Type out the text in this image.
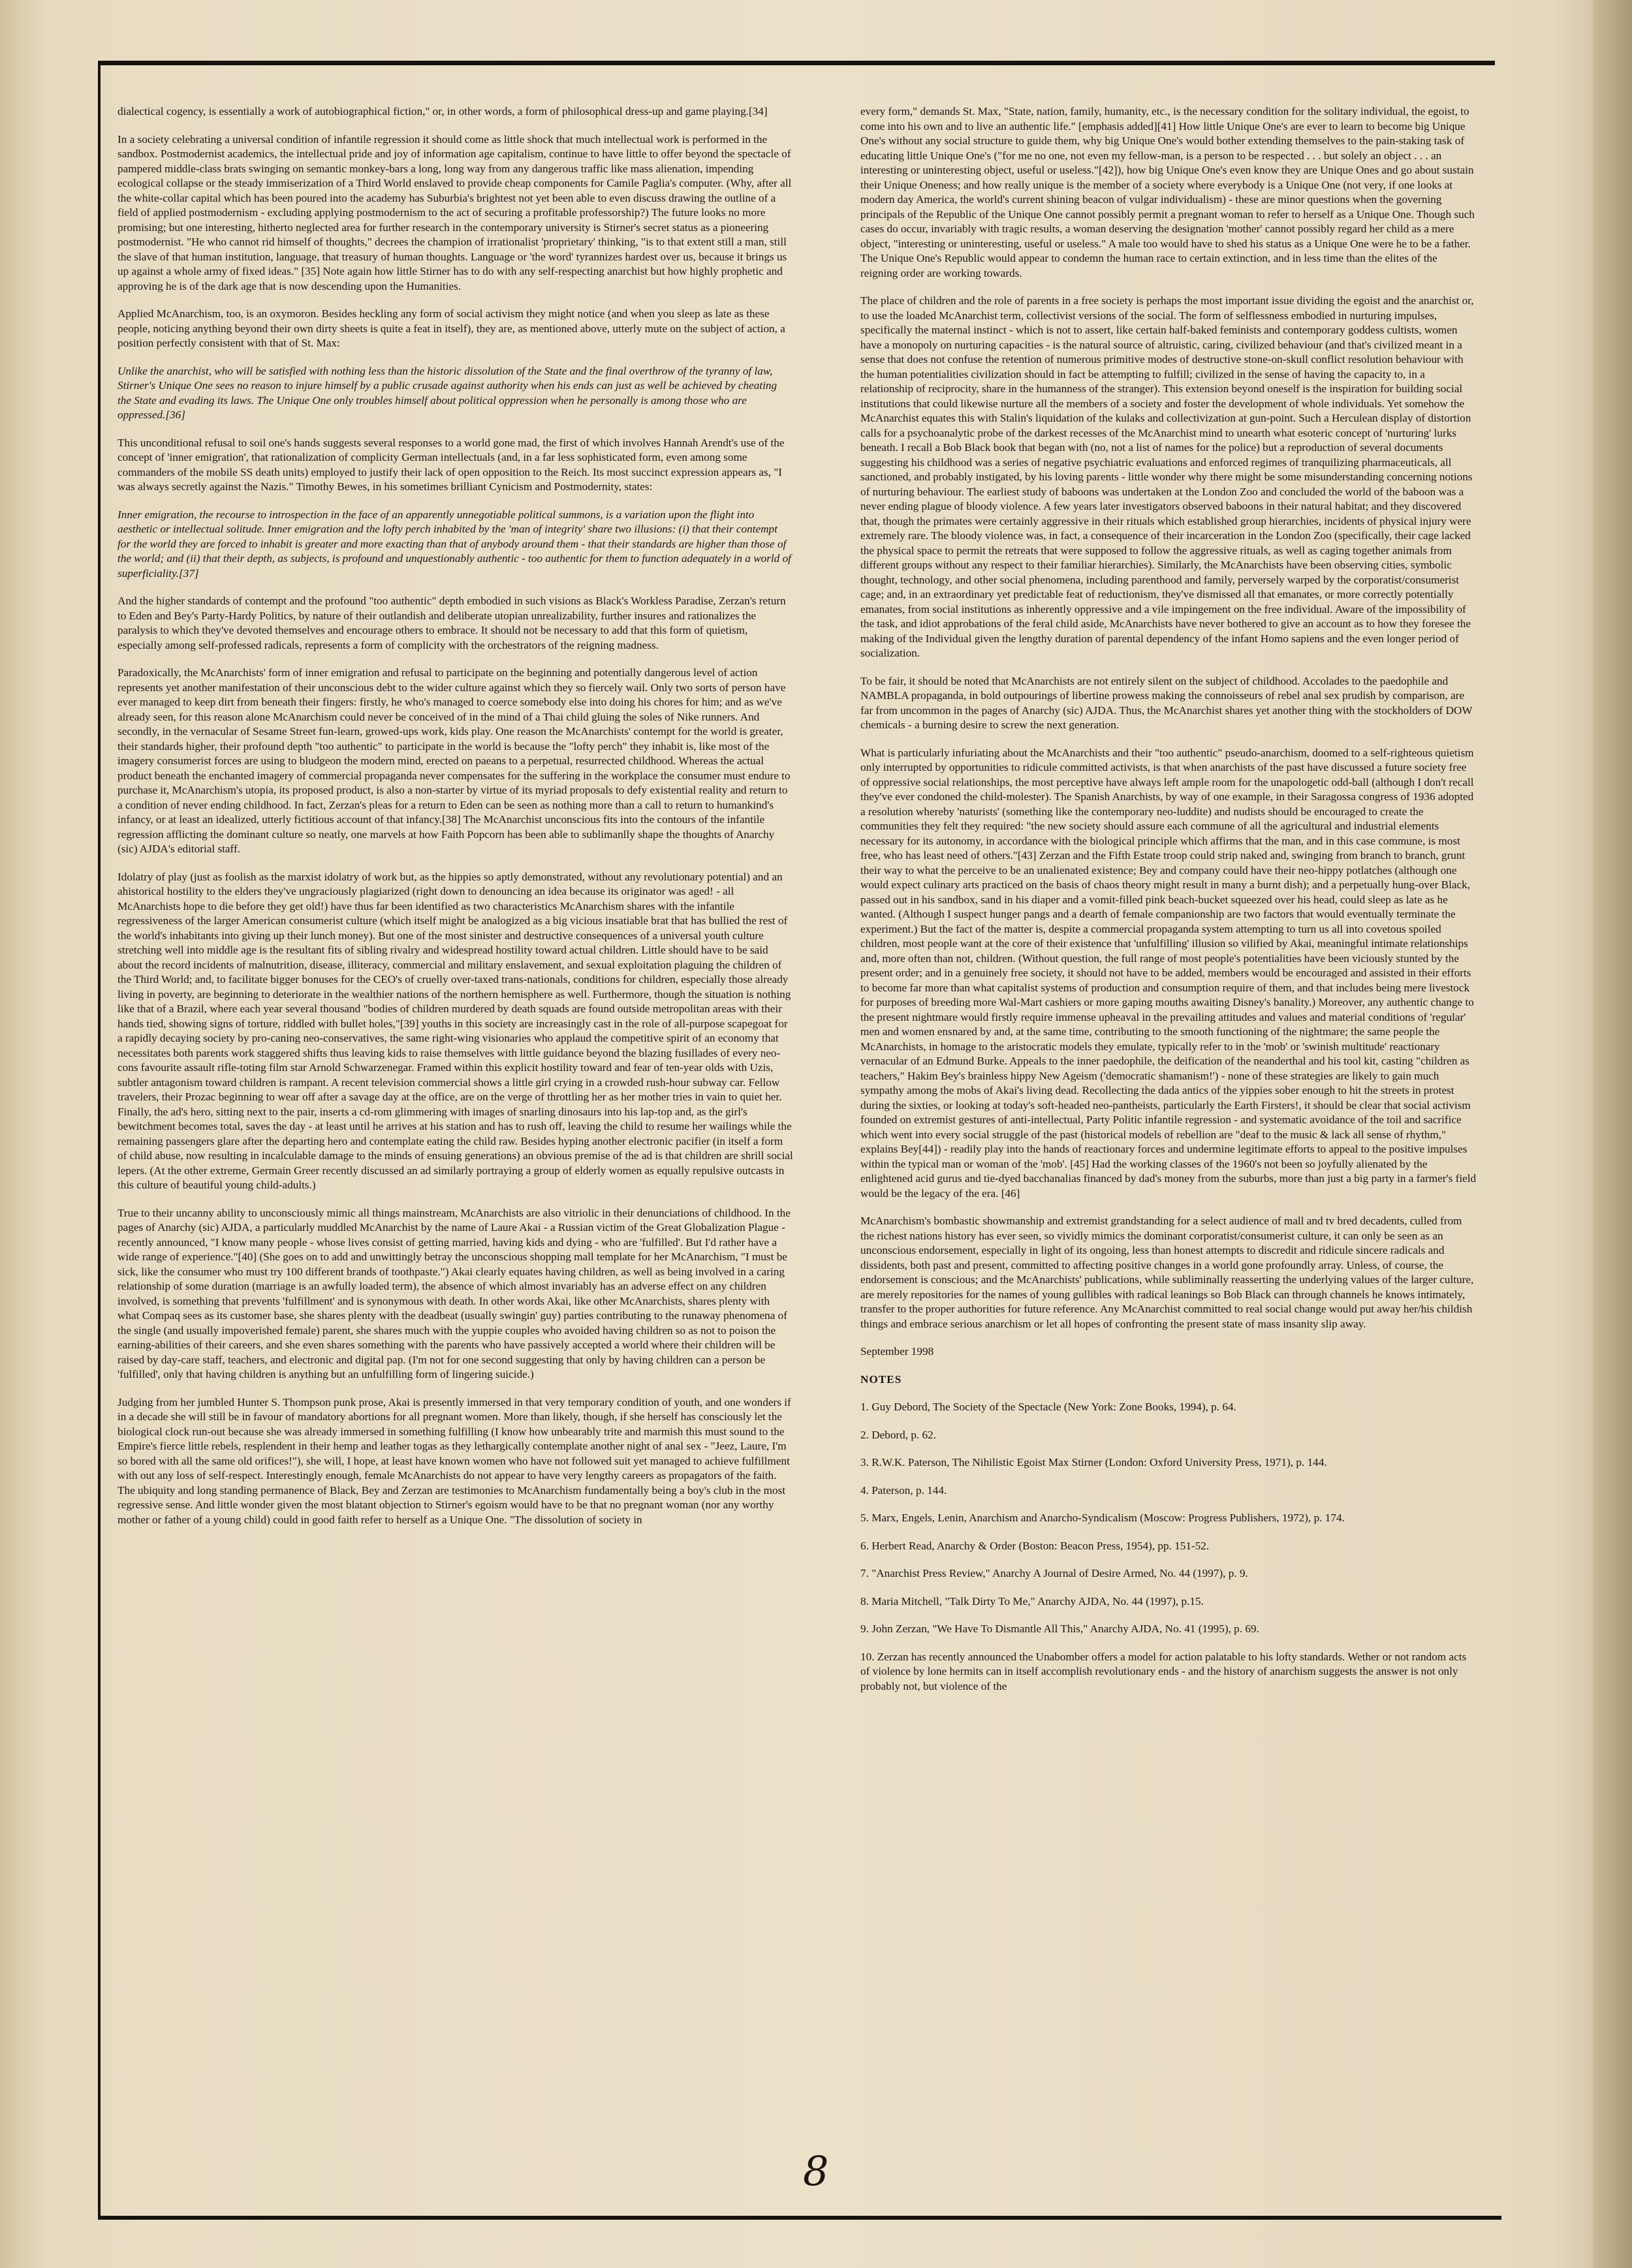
dialectical cogency, is essentially a work of autobiographical fiction," or, in other words, a form of philosophical dress-up and game playing.[34]

In a society celebrating a universal condition of infantile regression it should come as little shock that much intellectual work is performed in the sandbox. Postmodernist academics, the intellectual pride and joy of information age capitalism, continue to have little to offer beyond the spectacle of pampered middle-class brats swinging on semantic monkey-bars a long, long way from any dangerous traffic like mass alienation, impending ecological collapse or the steady immiserization of a Third World enslaved to provide cheap components for Camile Paglia's computer. (Why, after all the white-collar capital which has been poured into the academy has Suburbia's brightest not yet been able to even discuss drawing the outline of a field of applied postmodernism - excluding applying postmodernism to the act of securing a profitable professorship?) The future looks no more promising; but one interesting, hitherto neglected area for further research in the contemporary university is Stirner's secret status as a pioneering postmodernist. "He who cannot rid himself of thoughts," decrees the champion of irrationalist 'proprietary' thinking, "is to that extent still a man, still the slave of that human institution, language, that treasury of human thoughts. Language or 'the word' tyrannizes hardest over us, because it brings us up against a whole army of fixed ideas." [35] Note again how little Stirner has to do with any self-respecting anarchist but how highly prophetic and approving he is of the dark age that is now descending upon the Humanities.

Applied McAnarchism, too, is an oxymoron. Besides heckling any form of social activism they might notice (and when you sleep as late as these people, noticing anything beyond their own dirty sheets is quite a feat in itself), they are, as mentioned above, utterly mute on the subject of action, a position perfectly consistent with that of St. Max:

Unlike the anarchist, who will be satisfied with nothing less than the historic dissolution of the State and the final overthrow of the tyranny of law, Stirner's Unique One sees no reason to injure himself by a public crusade against authority when his ends can just as well be achieved by cheating the State and evading its laws. The Unique One only troubles himself about political oppression when he personally is among those who are oppressed.[36]

This unconditional refusal to soil one's hands suggests several responses to a world gone mad, the first of which involves Hannah Arendt's use of the concept of 'inner emigration', that rationalization of complicity German intellectuals (and, in a far less sophisticated form, even among some commanders of the mobile SS death units) employed to justify their lack of open opposition to the Reich. Its most succinct expression appears as, "I was always secretly against the Nazis." Timothy Bewes, in his sometimes brilliant Cynicism and Postmodernity, states:

Inner emigration, the recourse to introspection in the face of an apparently unnegotiable political summons, is a variation upon the flight into aesthetic or intellectual solitude. Inner emigration and the lofty perch inhabited by the 'man of integrity' share two illusions: (i) that their contempt for the world they are forced to inhabit is greater and more exacting than that of anybody around them - that their standards are higher than those of the world; and (ii) that their depth, as subjects, is profound and unquestionably authentic - too authentic for them to function adequately in a world of superficiality.[37]

And the higher standards of contempt and the profound "too authentic" depth embodied in such visions as Black's Workless Paradise, Zerzan's return to Eden and Bey's Party-Hardy Politics, by nature of their outlandish and deliberate utopian unrealizability, further insures and rationalizes the paralysis to which they've devoted themselves and encourage others to embrace. It should not be necessary to add that this form of quietism, especially among self-professed radicals, represents a form of complicity with the orchestrators of the reigning madness.

Paradoxically, the McAnarchists' form of inner emigration and refusal to participate on the beginning and potentially dangerous level of action represents yet another manifestation of their unconscious debt to the wider culture against which they so fiercely wail. Only two sorts of person have ever managed to keep dirt from beneath their fingers: firstly, he who's managed to coerce somebody else into doing his chores for him; and as we've already seen, for this reason alone McAnarchism could never be conceived of in the mind of a Thai child gluing the soles of Nike runners. And secondly, in the vernacular of Sesame Street fun-learn, growed-ups work, kids play. One reason the McAnarchists' contempt for the world is greater, their standards higher, their profound depth "too authentic" to participate in the world is because the "lofty perch" they inhabit is, like most of the imagery consumerist forces are using to bludgeon the modern mind, erected on paeans to a perpetual, resurrected childhood. Whereas the actual product beneath the enchanted imagery of commercial propaganda never compensates for the suffering in the workplace the consumer must endure to purchase it, McAnarchism's utopia, its proposed product, is also a non-starter by virtue of its myriad proposals to defy existential reality and return to a condition of never ending childhood. In fact, Zerzan's pleas for a return to Eden can be seen as nothing more than a call to return to humankind's infancy, or at least an idealized, utterly fictitious account of that infancy.[38] The McAnarchist unconscious fits into the contours of the infantile regression afflicting the dominant culture so neatly, one marvels at how Faith Popcorn has been able to sublimanlly shape the thoughts of Anarchy (sic) AJDA's editorial staff.

Idolatry of play (just as foolish as the marxist idolatry of work but, as the hippies so aptly demonstrated, without any revolutionary potential) and an ahistorical hostility to the elders they've ungraciously plagiarized (right down to denouncing an idea because its originator was aged! - all McAnarchists hope to die before they get old!) have thus far been identified as two characteristics McAnarchism shares with the infantile regressiveness of the larger American consumerist culture (which itself might be analogized as a big vicious insatiable brat that has bullied the rest of the world's inhabitants into giving up their lunch money). But one of the most sinister and destructive consequences of a universal youth culture stretching well into middle age is the resultant fits of sibling rivalry and widespread hostility toward actual children. Little should have to be said about the record incidents of malnutrition, disease, illiteracy, commercial and military enslavement, and sexual exploitation plaguing the children of the Third World; and, to facilitate bigger bonuses for the CEO's of cruelly over-taxed trans-nationals, conditions for children, especially those already living in poverty, are beginning to deteriorate in the wealthier nations of the northern hemisphere as well. Furthermore, though the situation is nothing like that of a Brazil, where each year several thousand "bodies of children murdered by death squads are found outside metropolitan areas with their hands tied, showing signs of torture, riddled with bullet holes,"[39] youths in this society are increasingly cast in the role of all-purpose scapegoat for a rapidly decaying society by pro-caning neo-conservatives, the same right-wing visionaries who applaud the competitive spirit of an economy that necessitates both parents work staggered shifts thus leaving kids to raise themselves with little guidance beyond the blazing fusillades of every neo-cons favourite assault rifle-toting film star Arnold Schwarzenegar. Framed within this explicit hostility toward and fear of ten-year olds with Uzis, subtler antagonism toward children is rampant. A recent television commercial shows a little girl crying in a crowded rush-hour subway car. Fellow travelers, their Prozac beginning to wear off after a savage day at the office, are on the verge of throttling her as her mother tries in vain to quiet her. Finally, the ad's hero, sitting next to the pair, inserts a cd-rom glimmering with images of snarling dinosaurs into his lap-top and, as the girl's bewitchment becomes total, saves the day - at least until he arrives at his station and has to rush off, leaving the child to resume her wailings while the remaining passengers glare after the departing hero and contemplate eating the child raw. Besides hyping another electronic pacifier (in itself a form of child abuse, now resulting in incalculable damage to the minds of ensuing generations) an obvious premise of the ad is that children are shrill social lepers. (At the other extreme, Germain Greer recently discussed an ad similarly portraying a group of elderly women as equally repulsive outcasts in this culture of beautiful young child-adults.)

True to their uncanny ability to unconsciously mimic all things mainstream, McAnarchists are also vitriolic in their denunciations of childhood. In the pages of Anarchy (sic) AJDA, a particularly muddled McAnarchist by the name of Laure Akai - a Russian victim of the Great Globalization Plague - recently announced, "I know many people - whose lives consist of getting married, having kids and dying - who are 'fulfilled'. But I'd rather have a wide range of experience."[40] (She goes on to add and unwittingly betray the unconscious shopping mall template for her McAnarchism, "I must be sick, like the consumer who must try 100 different brands of toothpaste.") Akai clearly equates having children, as well as being involved in a caring relationship of some duration (marriage is an awfully loaded term), the absence of which almost invariably has an adverse effect on any children involved, is something that prevents 'fulfillment' and is synonymous with death. In other words Akai, like other McAnarchists, shares plenty with what Compaq sees as its customer base, she shares plenty with the deadbeat (usually swingin' guy) parties contributing to the runaway phenomena of the single (and usually impoverished female) parent, she shares much with the yuppie couples who avoided having children so as not to poison the earning-abilities of their careers, and she even shares something with the parents who have passively accepted a world where their children will be raised by day-care staff, teachers, and electronic and digital pap. (I'm not for one second suggesting that only by having children can a person be 'fulfilled', only that having children is anything but an unfulfilling form of lingering suicide.)

Judging from her jumbled Hunter S. Thompson punk prose, Akai is presently immersed in that very temporary condition of youth, and one wonders if in a decade she will still be in favour of mandatory abortions for all pregnant women. More than likely, though, if she herself has consciously let the biological clock run-out because she was already immersed in something fulfilling (I know how unbearably trite and marmish this must sound to the Empire's fierce little rebels, resplendent in their hemp and leather togas as they lethargically contemplate another night of anal sex - "Jeez, Laure, I'm so bored with all the same old orifices!"), she will, I hope, at least have known women who have not followed suit yet managed to achieve fulfillment with out any loss of self-respect. Interestingly enough, female McAnarchists do not appear to have very lengthy careers as propagators of the faith. The ubiquity and long standing permanence of Black, Bey and Zerzan are testimonies to McAnarchism fundamentally being a boy's club in the most regressive sense. And little wonder given the most blatant objection to Stirner's egoism would have to be that no pregnant woman (nor any worthy mother or father of a young child) could in good faith refer to herself as a Unique One. "The dissolution of society in

every form," demands St. Max, "State, nation, family, humanity, etc., is the necessary condition for the solitary individual, the egoist, to come into his own and to live an authentic life." [emphasis added][41] How little Unique One's are ever to learn to become big Unique One's without any social structure to guide them, why big Unique One's would bother extending themselves to the pain-staking task of educating little Unique One's ("for me no one, not even my fellow-man, is a person to be respected . . . but solely an object . . . an interesting or uninteresting object, useful or useless."[42]), how big Unique One's even know they are Unique Ones and go about sustain their Unique Oneness; and how really unique is the member of a society where everybody is a Unique One (not very, if one looks at modern day America, the world's current shining beacon of vulgar individualism) - these are minor questions when the governing principals of the Republic of the Unique One cannot possibly permit a pregnant woman to refer to herself as a Unique One. Though such cases do occur, invariably with tragic results, a woman deserving the designation 'mother' cannot possibly regard her child as a mere object, "interesting or uninteresting, useful or useless." A male too would have to shed his status as a Unique One were he to be a father. The Unique One's Republic would appear to condemn the human race to certain extinction, and in less time than the elites of the reigning order are working towards.

The place of children and the role of parents in a free society is perhaps the most important issue dividing the egoist and the anarchist or, to use the loaded McAnarchist term, collectivist versions of the social. The form of selflessness embodied in nurturing impulses, specifically the maternal instinct - which is not to assert, like certain half-baked feminists and contemporary goddess cultists, women have a monopoly on nurturing capacities - is the natural source of altruistic, caring, civilized behaviour (and that's civilized meant in a sense that does not confuse the retention of numerous primitive modes of destructive stone-on-skull conflict resolution behaviour with the human potentialities civilization should in fact be attempting to fulfill; civilized in the sense of having the capacity to, in a relationship of reciprocity, share in the humanness of the stranger). This extension beyond oneself is the inspiration for building social institutions that could likewise nurture all the members of a society and foster the development of whole individuals. Yet somehow the McAnarchist equates this with Stalin's liquidation of the kulaks and collectivization at gun-point. Such a Herculean display of distortion calls for a psychoanalytic probe of the darkest recesses of the McAnarchist mind to unearth what esoteric concept of 'nurturing' lurks beneath. I recall a Bob Black book that began with (no, not a list of names for the police) but a reproduction of several documents suggesting his childhood was a series of negative psychiatric evaluations and enforced regimes of tranquilizing pharmaceuticals, all sanctioned, and probably instigated, by his loving parents - little wonder why there might be some misunderstanding concerning notions of nurturing behaviour. The earliest study of baboons was undertaken at the London Zoo and concluded the world of the baboon was a never ending plague of bloody violence. A few years later investigators observed baboons in their natural habitat; and they discovered that, though the primates were certainly aggressive in their rituals which established group hierarchies, incidents of physical injury were extremely rare. The bloody violence was, in fact, a consequence of their incarceration in the London Zoo (specifically, their cage lacked the physical space to permit the retreats that were supposed to follow the aggressive rituals, as well as caging together animals from different groups without any respect to their familiar hierarchies). Similarly, the McAnarchists have been observing cities, symbolic thought, technology, and other social phenomena, including parenthood and family, perversely warped by the corporatist/consumerist cage; and, in an extraordinary yet predictable feat of reductionism, they've dismissed all that emanates, or more correctly potentially emanates, from social institutions as inherently oppressive and a vile impingement on the free individual. Aware of the impossibility of the task, and idiot approbations of the feral child aside, McAnarchists have never bothered to give an account as to how they foresee the making of the Individual given the lengthy duration of parental dependency of the infant Homo sapiens and the even longer period of socialization.

To be fair, it should be noted that McAnarchists are not entirely silent on the subject of childhood. Accolades to the paedophile and NAMBLA propaganda, in bold outpourings of libertine prowess making the connoisseurs of rebel anal sex prudish by comparison, are far from uncommon in the pages of Anarchy (sic) AJDA. Thus, the McAnarchist shares yet another thing with the stockholders of DOW chemicals - a burning desire to screw the next generation.

What is particularly infuriating about the McAnarchists and their "too authentic" pseudo-anarchism, doomed to a self-righteous quietism only interrupted by opportunities to ridicule committed activists, is that when anarchists of the past have discussed a future society free of oppressive social relationships, the most perceptive have always left ample room for the unapologetic odd-ball (although I don't recall they've ever condoned the child-molester). The Spanish Anarchists, by way of one example, in their Saragossa congress of 1936 adopted a resolution whereby 'naturists' (something like the contemporary neo-luddite) and nudists should be encouraged to create the communities they felt they required: "the new society should assure each commune of all the agricultural and industrial elements necessary for its autonomy, in accordance with the biological principle which affirms that the man, and in this case commune, is most free, who has least need of others."[43] Zerzan and the Fifth Estate troop could strip naked and, swinging from branch to branch, grunt their way to what the perceive to be an unalienated existence; Bey and company could have their neo-hippy potlatches (although one would expect culinary arts practiced on the basis of chaos theory might result in many a burnt dish); and a perpetually hung-over Black, passed out in his sandbox, sand in his diaper and a vomit-filled pink beach-bucket squeezed over his head, could sleep as late as he wanted. (Although I suspect hunger pangs and a dearth of female companionship are two factors that would eventually terminate the experiment.) But the fact of the matter is, despite a commercial propaganda system attempting to turn us all into covetous spoiled children, most people want at the core of their existence that 'unfulfilling' illusion so vilified by Akai, meaningful intimate relationships and, more often than not, children. (Without question, the full range of most people's potentialities have been viciously stunted by the present order; and in a genuinely free society, it should not have to be added, members would be encouraged and assisted in their efforts to become far more than what capitalist systems of production and consumption require of them, and that includes being mere livestock for purposes of breeding more Wal-Mart cashiers or more gaping mouths awaiting Disney's banality.) Moreover, any authentic change to the present nightmare would firstly require immense upheaval in the prevailing attitudes and values and material conditions of 'regular' men and women ensnared by and, at the same time, contributing to the smooth functioning of the nightmare; the same people the McAnarchists, in homage to the aristocratic models they emulate, typically refer to in the 'mob' or 'swinish multitude' reactionary vernacular of an Edmund Burke. Appeals to the inner paedophile, the deification of the neanderthal and his tool kit, casting "children as teachers," Hakim Bey's brainless hippy New Ageism ('democratic shamanism!') - none of these strategies are likely to gain much sympathy among the mobs of Akai's living dead. Recollecting the dada antics of the yippies sober enough to hit the streets in protest during the sixties, or looking at today's soft-headed neo-pantheists, particularly the Earth Firsters!, it should be clear that social activism founded on extremist gestures of anti-intellectual, Party Politic infantile regression - and systematic avoidance of the toil and sacrifice which went into every social struggle of the past (historical models of rebellion are "deaf to the music & lack all sense of rhythm," explains Bey[44]) - readily play into the hands of reactionary forces and undermine legitimate efforts to appeal to the positive impulses within the typical man or woman of the 'mob'. [45] Had the working classes of the 1960's not been so joyfully alienated by the enlightened acid gurus and tie-dyed bacchanalias financed by dad's money from the suburbs, more than just a big party in a farmer's field would be the legacy of the era. [46]

McAnarchism's bombastic showmanship and extremist grandstanding for a select audience of mall and tv bred decadents, culled from the richest nations history has ever seen, so vividly mimics the dominant corporatist/consumerist culture, it can only be seen as an unconscious endorsement, especially in light of its ongoing, less than honest attempts to discredit and ridicule sincere radicals and dissidents, both past and present, committed to affecting positive changes in a world gone profoundly array. Unless, of course, the endorsement is conscious; and the McAnarchists' publications, while subliminally reasserting the underlying values of the larger culture, are merely repositories for the names of young gullibles with radical leanings so Bob Black can through channels he knows intimately, transfer to the proper authorities for future reference. Any McAnarchist committed to real social change would put away her/his childish things and embrace serious anarchism or let all hopes of confronting the present state of mass insanity slip away.

September 1998

NOTES

1. Guy Debord, The Society of the Spectacle (New York: Zone Books, 1994), p. 64.

2. Debord, p. 62.

3. R.W.K. Paterson, The Nihilistic Egoist Max Stirner (London: Oxford University Press, 1971), p. 144.

4. Paterson, p. 144.

5. Marx, Engels, Lenin, Anarchism and Anarcho-Syndicalism (Moscow: Progress Publishers, 1972), p. 174.

6. Herbert Read, Anarchy & Order (Boston: Beacon Press, 1954), pp. 151-52.

7. "Anarchist Press Review," Anarchy A Journal of Desire Armed, No. 44 (1997), p. 9.

8. Maria Mitchell, "Talk Dirty To Me," Anarchy AJDA, No. 44 (1997), p.15.

9. John Zerzan, "We Have To Dismantle All This," Anarchy AJDA, No. 41 (1995), p. 69.

10. Zerzan has recently announced the Unabomber offers a model for action palatable to his lofty standards. Wether or not random acts of violence by lone hermits can in itself accomplish revolutionary ends - and the history of anarchism suggests the answer is not only probably not, but violence of the

8
